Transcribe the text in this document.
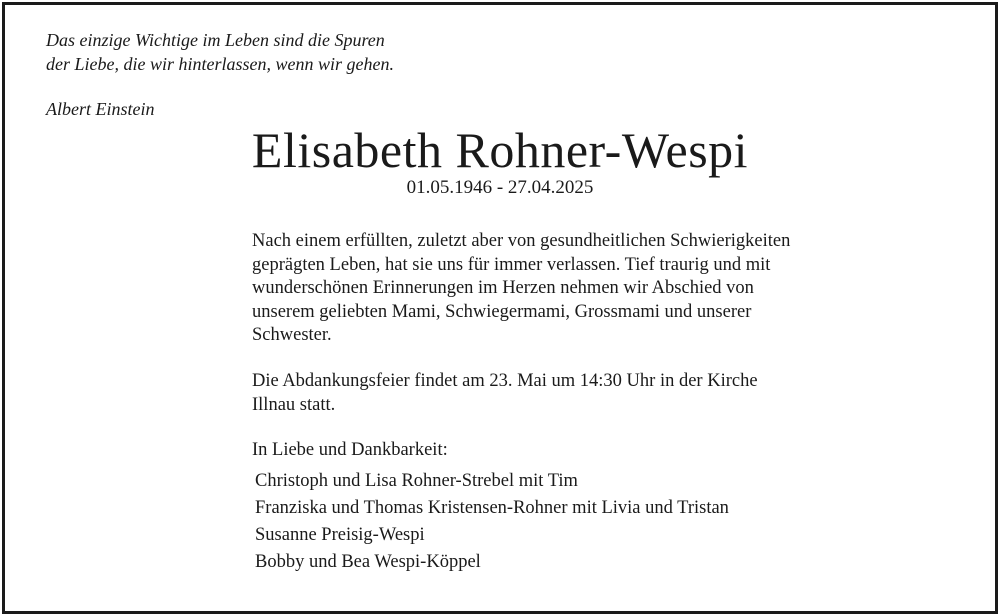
Das einzige Wichtige im Leben sind die Spuren
der Liebe, die wir hinterlassen, wenn wir gehen.
Albert Einstein
Elisabeth Rohner-Wespi
01.05.1946 - 27.04.2025
Nach einem erfüllten, zuletzt aber von gesundheitlichen Schwierigkeiten
geprägten Leben, hat sie uns für immer verlassen. Tief traurig und mit
wunderschönen Erinnerungen im Herzen nehmen wir Abschied von
unserem geliebten Mami, Schwiegermami, Grossmami und unserer
Schwester.
Die Abdankungsfeier findet am 23. Mai um 14:30 Uhr in der Kirche
Illnau statt.
In Liebe und Dankbarkeit:
Christoph und Lisa Rohner-Strebel mit Tim
Franziska und Thomas Kristensen-Rohner mit Livia und Tristan
Susanne Preisig-Wespi
Bobby und Bea Wespi-Köppel
